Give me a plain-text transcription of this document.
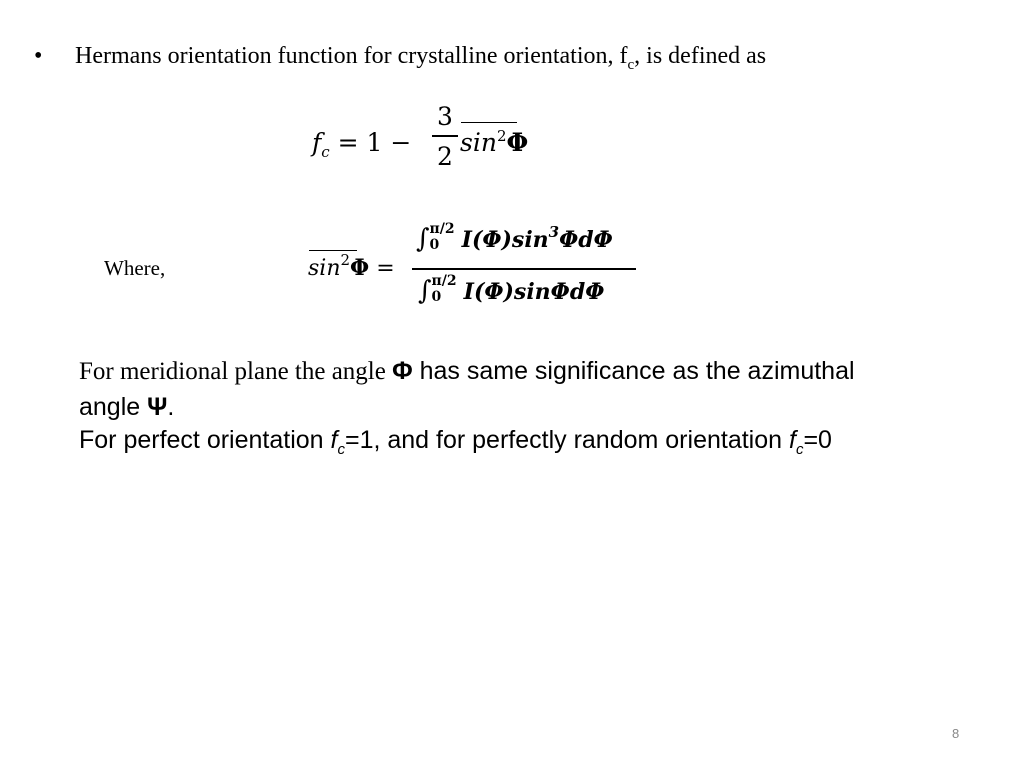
• Hermans orientation function for crystalline orientation, $f_c$, is defined as
$f_c = 1$ −
3
2 $\sin^2\Phi$
Where,	$\sin^2\Phi$ =
∫ π/2
0	$I(\Phi)\sin^3\Phi d\Phi$
∫ π/2
0	I(Φ)sinΦdΦ
For meridional plane the angle Φ has same significance as the azimuthal
angle Ψ.
For perfect orientation $f_c=1$, and for perfectly random orientation $f_c=0$
8
